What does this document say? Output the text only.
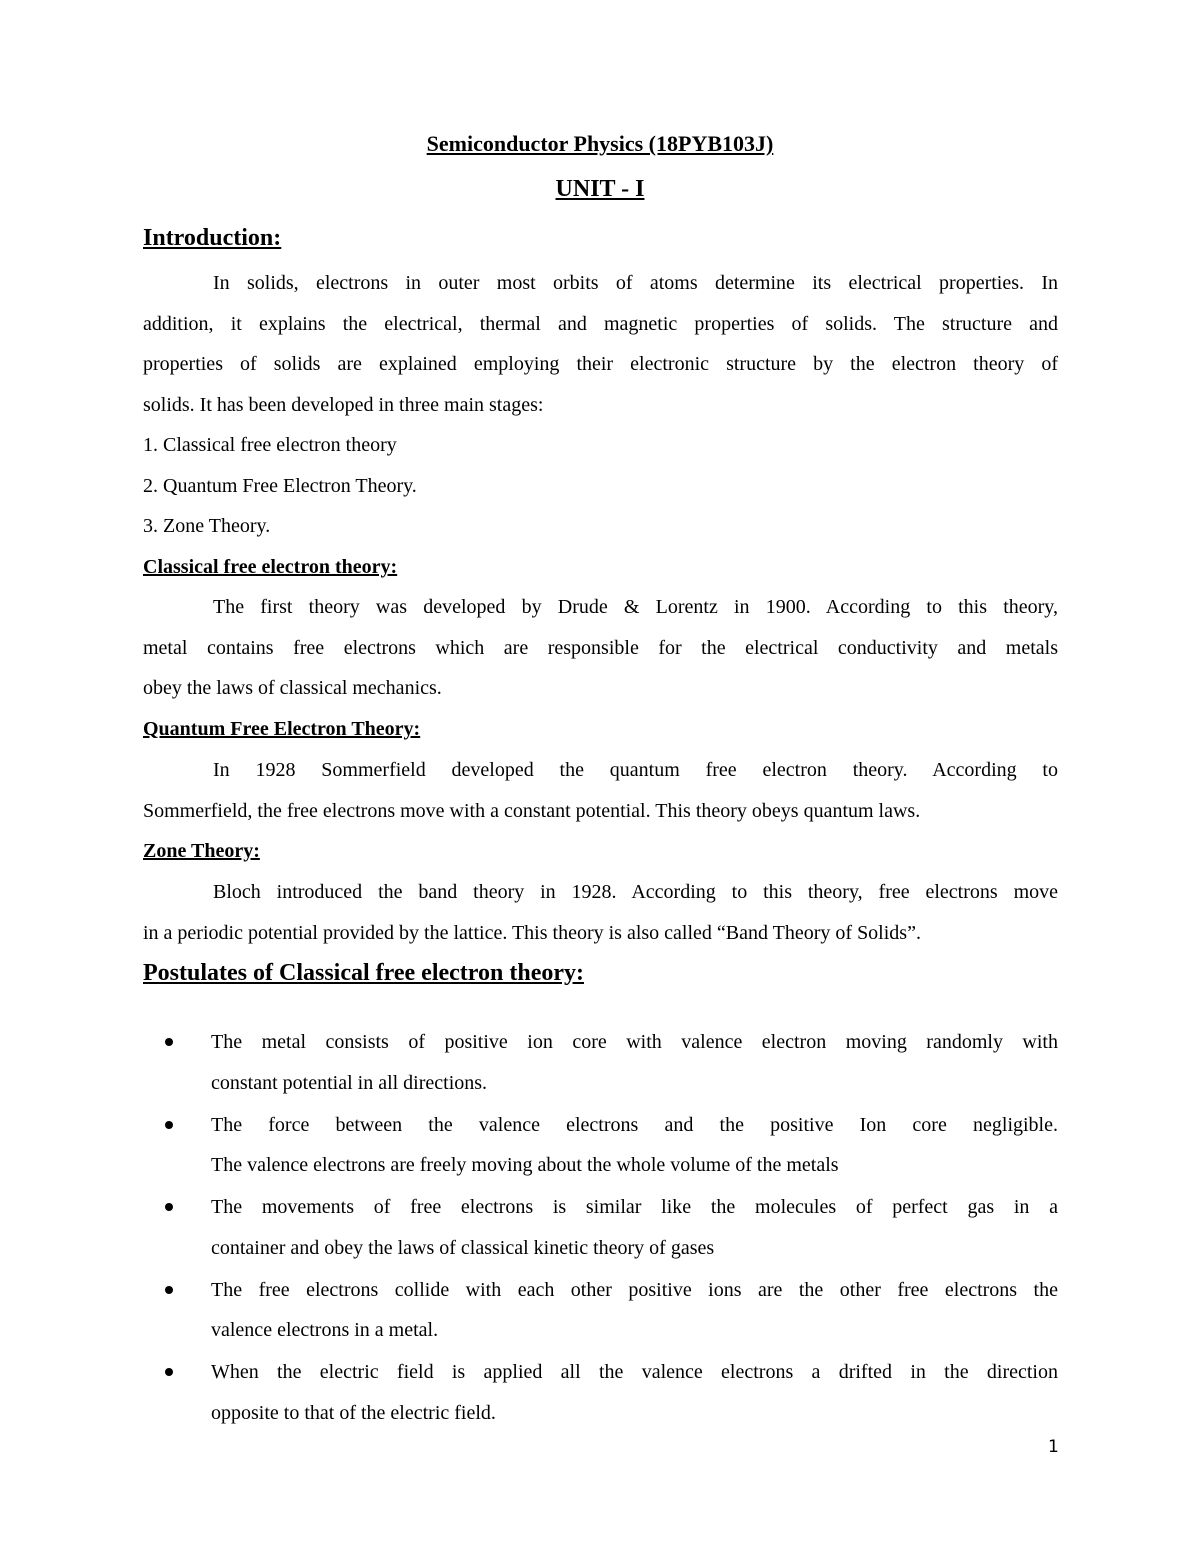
Semiconductor Physics (18PYB103J)
UNIT - I
Introduction:
In solids, electrons in outer most orbits of atoms determine its electrical properties. In
addition, it explains the electrical, thermal and magnetic properties of solids. The structure and
properties of solids are explained employing their electronic structure by the electron theory of
solids. It has been developed in three main stages:
1. Classical free electron theory
2. Quantum Free Electron Theory.
3. Zone Theory.
Classical free electron theory:
The first theory was developed by Drude & Lorentz in 1900. According to this theory,
metal contains free electrons which are responsible for the electrical conductivity and metals
obey the laws of classical mechanics.
Quantum Free Electron Theory:
In 1928 Sommerfield developed the quantum free electron theory. According to
Sommerfield, the free electrons move with a constant potential. This theory obeys quantum laws.
Zone Theory:
Bloch introduced the band theory in 1928. According to this theory, free electrons move
in a periodic potential provided by the lattice. This theory is also called “Band Theory of Solids”.
Postulates of Classical free electron theory:
The metal consists of positive ion core with valence electron moving randomly with
constant potential in all directions.
The force between the valence electrons and the positive Ion core negligible.
The valence electrons are freely moving about the whole volume of the metals
The movements of free electrons is similar like the molecules of perfect gas in a
container and obey the laws of classical kinetic theory of gases
The free electrons collide with each other positive ions are the other free electrons the
valence electrons in a metal.
When the electric field is applied all the valence electrons a drifted in the direction
opposite to that of the electric field.
1
